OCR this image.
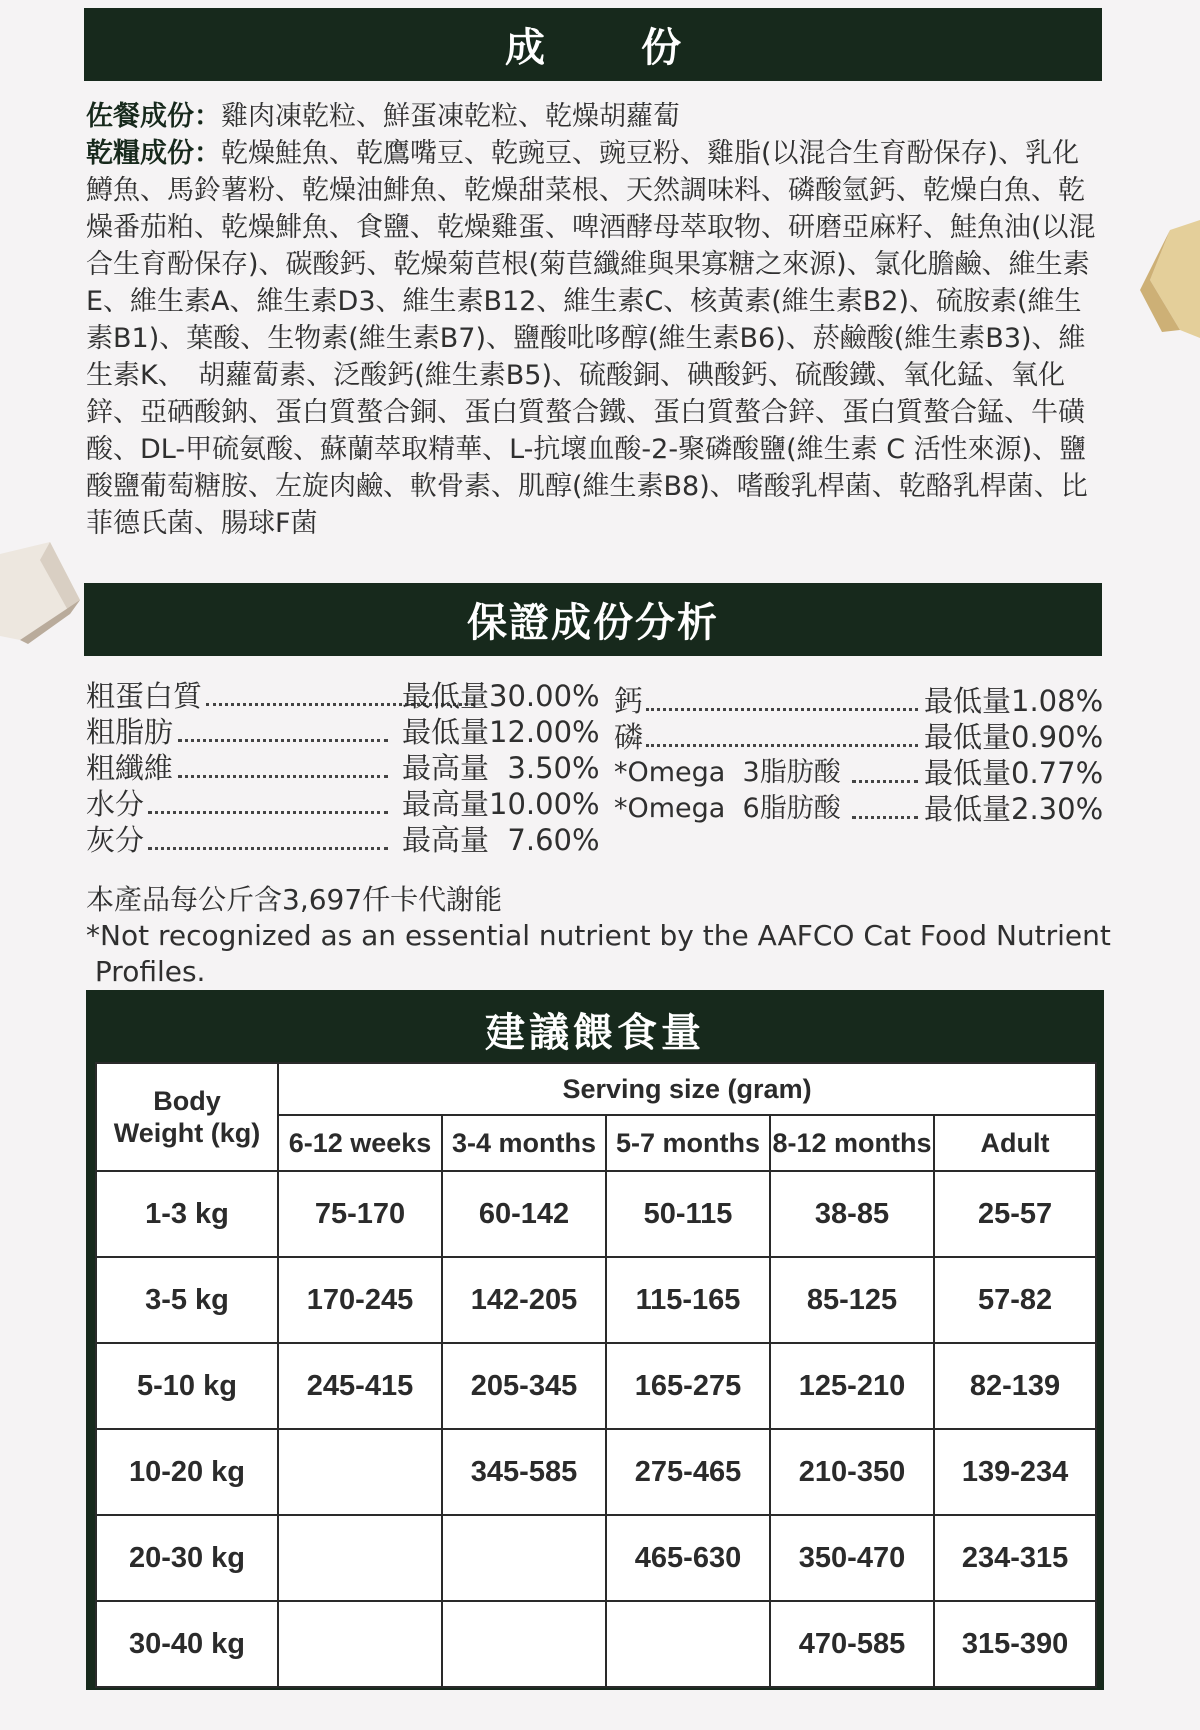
成　份

佐餐成份：雞肉凍乾粒、鮮蛋凍乾粒、乾燥胡蘿蔔

乾糧成份：乾燥鮭魚、乾鷹嘴豆、乾豌豆、豌豆粉、雞脂(以混合生育酚保存)、乳化鱒魚、馬鈴薯粉、乾燥油鯡魚、乾燥甜菜根、天然調味料、磷酸氫鈣、乾燥白魚、乾燥番茄粕、乾燥鯡魚、食鹽、乾燥雞蛋、啤酒酵母萃取物、研磨亞麻籽、鮭魚油(以混合生育酚保存)、碳酸鈣、乾燥菊苣根(菊苣纖維與果寡糖之來源)、氯化膽鹼、維生素E、維生素A、維生素D3、維生素B12、維生素C、核黃素(維生素B2)、硫胺素(維生素B1)、葉酸、生物素(維生素B7)、鹽酸吡哆醇(維生素B6)、菸鹼酸(維生素B3)、維生素K、　胡蘿蔔素、泛酸鈣(維生素B5)、硫酸銅、碘酸鈣、硫酸鐵、氧化錳、氧化鋅、亞硒酸鈉、蛋白質螯合銅、蛋白質螯合鐵、蛋白質螯合鋅、蛋白質螯合錳、牛磺酸、DL-甲硫氨酸、蘇蘭萃取精華、L-抗壞血酸-2-聚磷酸鹽(維生素 C 活性來源)、鹽酸鹽葡萄糖胺、左旋肉鹼、軟骨素、肌醇(維生素B8)、嗜酸乳桿菌、乾酪乳桿菌、比菲德氏菌、腸球F菌

保證成份分析
粗蛋白質	最低量30.00%
粗脂肪	最低量12.00%
粗纖維	最高量  3.50%
水分	最高量10.00%
灰分	最高量  7.60%
鈣	最低量1.08%
磷	最低量0.90%
*Omega  3脂肪酸	最低量0.77%
*Omega  6脂肪酸	最低量2.30%
本產品每公斤含3,697仟卡代謝能
*Not recognized as an essential nutrient by the AAFCO Cat Food Nutrient
Profiles.
建議餵食量
Body
Weight (kg)	Serving size (gram)				
	6-12 weeks	3-4 months	5-7 months	8-12 months	Adult
1-3 kg	75-170	60-142	50-115	38-85	25-57
3-5 kg	170-245	142-205	115-165	85-125	57-82
5-10 kg	245-415	205-345	165-275	125-210	82-139
10-20 kg		345-585	275-465	210-350	139-234
20-30 kg			465-630	350-470	234-315
30-40 kg				470-585	315-390
